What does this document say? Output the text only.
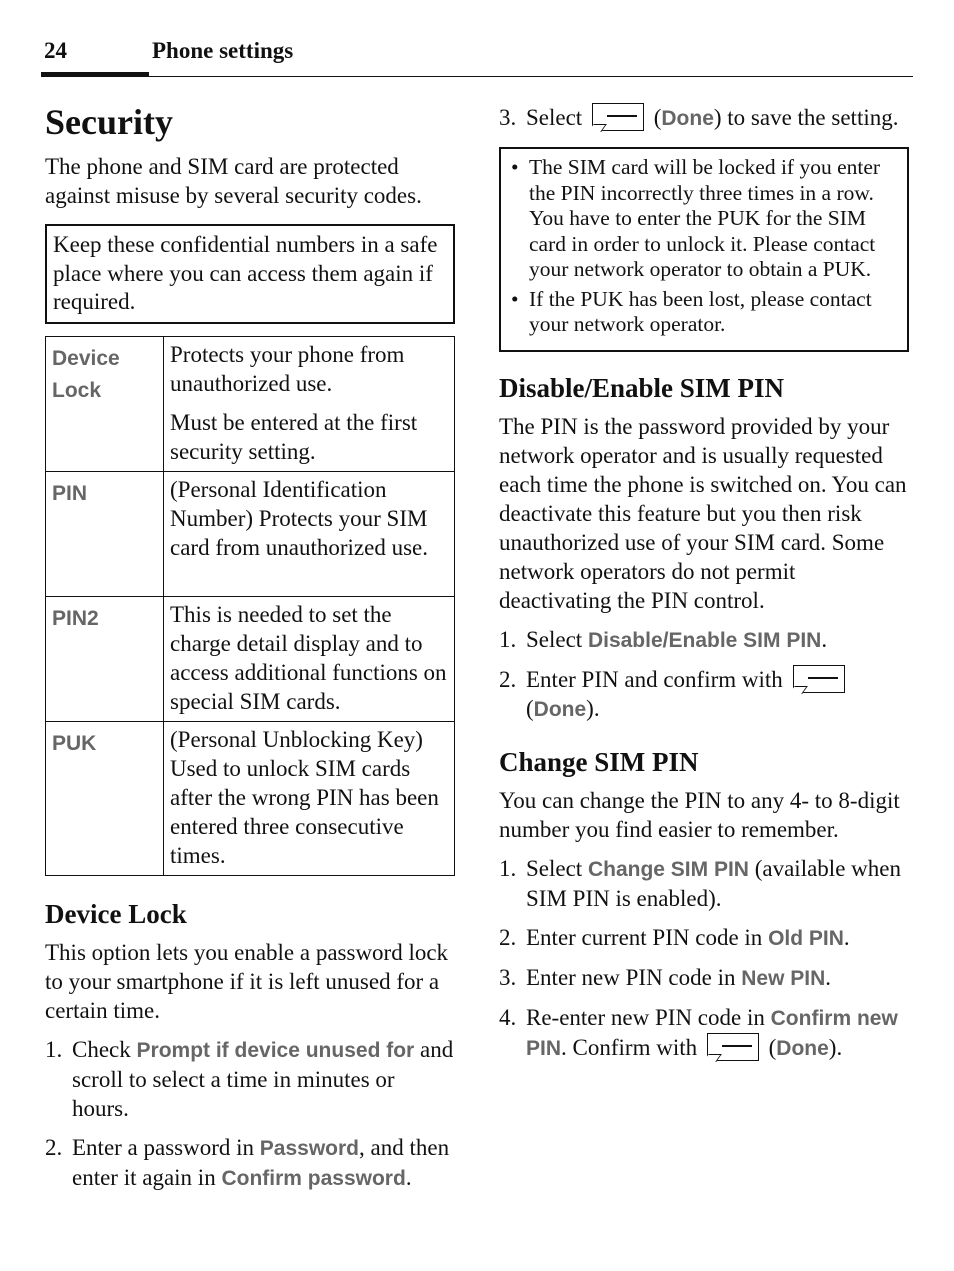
24	Phone settings
Security

The phone and SIM card are protected against misuse by several security codes.

Keep these confidential numbers in a safe place where you can access them again if required.

Device Lock	Protects your phone from unauthorized use.

Must be entered at the first security setting.

PIN	(Personal Identification Number) Protects your SIM card from unauthorized use.

PIN2	This is needed to set the charge detail display and to access additional functions on special SIM cards.

PUK	(Personal Unblocking Key) Used to unlock SIM cards after the wrong PIN has been entered three consecutive times.

Device Lock

This option lets you enable a password lock to your smartphone if it is left unused for a certain time.

1. Check Prompt if device unused for and scroll to select a time in minutes or hours.
2. Enter a password in Password, and then enter it again in Confirm password.
3. Select	(Done) to save the setting.
• The SIM card will be locked if you enter the PIN incorrectly three times in a row. You have to enter the PUK for the SIM card in order to unlock it. Please contact your network operator to obtain a PUK.
• If the PUK has been lost, please contact your network operator.
Disable/Enable SIM PIN

The PIN is the password provided by your network operator and is usually requested each time the phone is switched on. You can deactivate this feature but you then risk unauthorized use of your SIM card. Some network operators do not permit deactivating the PIN control.

1. Select Disable/Enable SIM PIN.
2. Enter PIN and confirm with
(Done).
Change SIM PIN

You can change the PIN to any 4- to 8-digit number you find easier to remember.

1. Select Change SIM PIN (available when SIM PIN is enabled).
2. Enter current PIN code in Old PIN.
3. Enter new PIN code in New PIN.
4. Re-enter new PIN code in Confirm new PIN. Confirm with	(Done).
